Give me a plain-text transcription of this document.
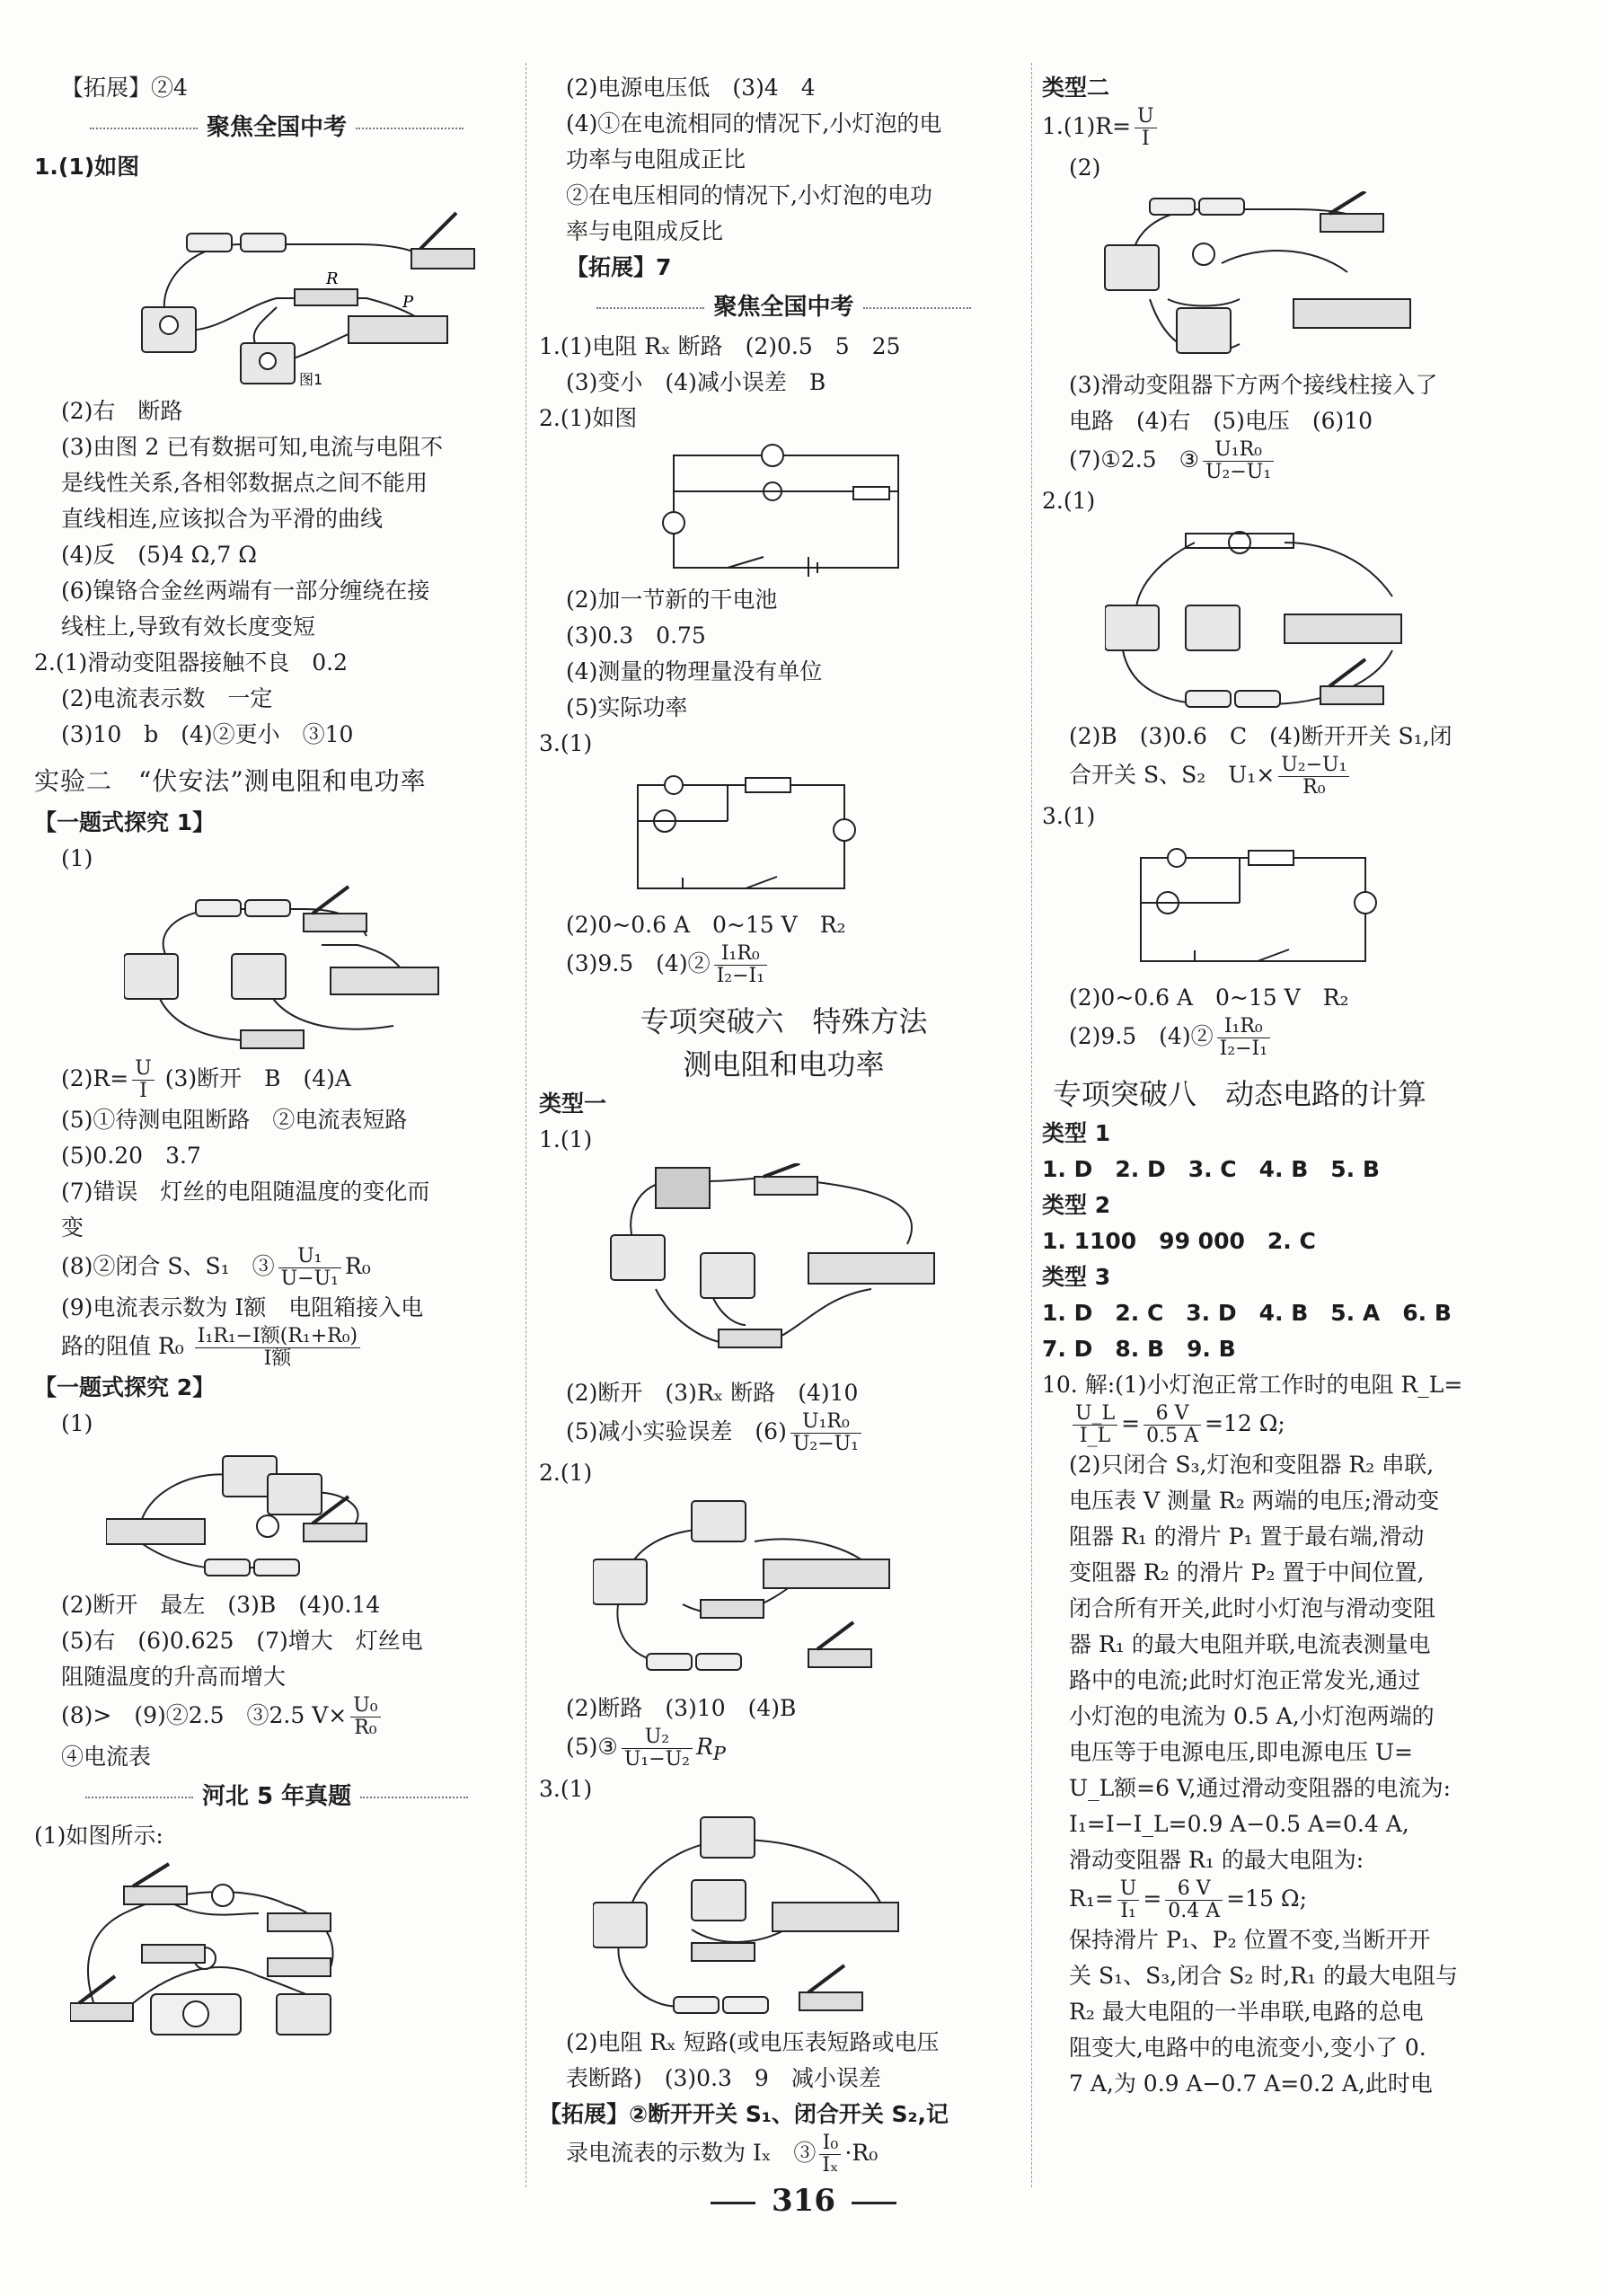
【拓展】②4
聚焦全国中考
1.(1)如图
R
P
图1
(2)右　断路
(3)由图 2 已有数据可知,电流与电阻不
是线性关系,各相邻数据点之间不能用
直线相连,应该拟合为平滑的曲线
(4)反　(5)4 Ω,7 Ω
(6)镍铬合金丝两端有一部分缠绕在接
线柱上,导致有效长度变短
2.(1)滑动变阻器接触不良　0.2
(2)电流表示数　一定
(3)10　b　(4)②更小　③10
实验二　“伏安法”测电阻和电功率
【一题式探究 1】
(1)
$(2)R= \frac{U}{I} (3)$断开　B　(4)A
(5)①待测电阻断路　②电流表短路
(5)0.20　3.7
(7)错误　灯丝的电阻随温度的变化而
变
(8)②闭合 S、S₁　③ $\frac{\text{U₁}}{\text{U−U₁}} R_0$
(9)电流表示数为 I额　电阻箱接入电
路的阻值 $R_0 \frac{\text{I₁R₁−I额(R₁+R₀)}}{\text{I额}}$
【一题式探究 2】
(1)
(2)断开　最左　(3)B　(4)0.14
(5)右　(6)0.625　(7)增大　灯丝电
阻随温度的升高而增大
(8)>　(9)②2.5　③2.5 $V\times \frac{\text{U₀}}{\text{R₀}}$
④电流表
河北 5 年真题
(1)如图所示:
(2)电源电压低　(3)4　4
(4)①在电流相同的情况下,小灯泡的电
功率与电阻成正比
②在电压相同的情况下,小灯泡的电功
率与电阻成反比
【拓展】7
聚焦全国中考
1.(1)电阻 Rₓ 断路　(2)0.5　5　25
(3)变小　(4)减小误差　B
2.(1)如图
(2)加一节新的干电池
(3)0.3　0.75
(4)测量的物理量没有单位
(5)实际功率
3.(1)
(2)0~0.6 A　0~15 V　R₂
(3)9.5　(4)② $\frac{\text{I₁R₀}}{\text{I₂−I₁}}$
专项突破六　特殊方法
测电阻和电功率
类型一
1.(1)
(2)断开　(3)Rₓ 断路　(4)10
(5)减小实验误差　$(6) \frac{\text{U₁R₀}}{\text{U₂−U₁}}$
2.(1)
(2)断路　(3)10　(4)B
(5)③ $\frac{\text{U₂}}{\text{U₁−U₂}} R_P$
3.(1)
(2)电阻 Rₓ 短路(或电压表短路或电压
表断路)　(3)0.3　9　减小误差
【拓展】②断开开关 S₁、闭合开关 S₂,记
录电流表的示数为 Iₓ　③ $\frac{\text{I₀}}{\text{Iₓ}} \cdot R_0$
类型二
$1.(1)R= \frac{U}{I}$
(2)
(3)滑动变阻器下方两个接线柱接入了
电路　(4)右　(5)电压　(6)10
(7)①2.5　③ $\frac{\text{U₁R₀}}{\text{U₂−U₁}}$
2.(1)
(2)B　(3)0.6　C　(4)断开开关 S₁,闭
合开关 S、S₂　$U_1\times \frac{\text{U₂−U₁}}{\text{R₀}}$
3.(1)
(2)0~0.6 A　0~15 V　R₂
(2)9.5　(4)② $\frac{\text{I₁R₀}}{\text{I₂−I₁}}$
专项突破八　动态电路的计算
类型 1
1. D　2. D　3. C　4. B　5. B
类型 2
1. 1100　99 000　2. C
类型 3
1. D　2. C　3. D　4. B　5. A　6. B
7. D　8. B　9. B
10. 解:(1)小灯泡正常工作时的电阻 R_L=
$\frac{U\_L}{I\_L} = \frac{6 V}{0.5 A} =12$ Ω;
(2)只闭合 S₃,灯泡和变阻器 R₂ 串联,
电压表 V 测量 R₂ 两端的电压;滑动变
阻器 R₁ 的滑片 P₁ 置于最右端,滑动
变阻器 R₂ 的滑片 P₂ 置于中间位置,
闭合所有开关,此时小灯泡与滑动变阻
器 R₁ 的最大电阻并联,电流表测量电
路中的电流;此时灯泡正常发光,通过
小灯泡的电流为 0.5 A,小灯泡两端的
电压等于电源电压,即电源电压 U=
U_L额=6 V,通过滑动变阻器的电流为:
I₁=I−I_L=0.9 A−0.5 A=0.4 A,
滑动变阻器 R₁ 的最大电阻为:
$R_1= \frac{U}{\text{I₁}} = \frac{6 V}{0.4 A} =15$ Ω;
保持滑片 P₁、P₂ 位置不变,当断开开
关 S₁、S₃,闭合 S₂ 时,R₁ 的最大电阻与
R₂ 最大电阻的一半串联,电路的总电
阻变大,电路中的电流变小,变小了 0.
7 A,为 0.9 A−0.7 A=0.2 A,此时电
316
